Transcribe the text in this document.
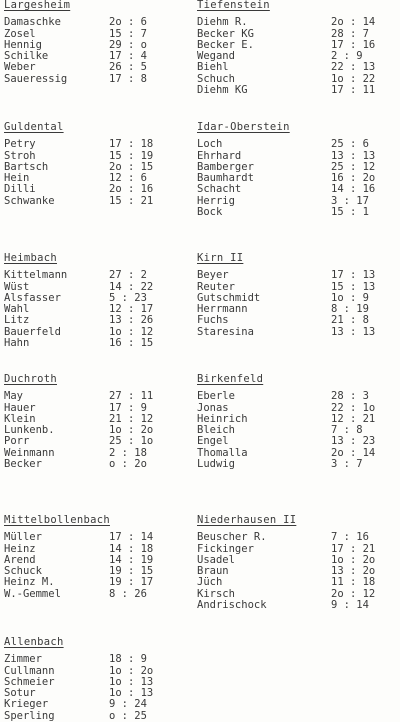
Largesheim
Damaschke	2o : 6
Zosel	15 : 7
Hennig	29 : o
Schilke	17 : 4
Weber	26 : 5
Saueressig	17 : 8
Guldental
Petry	17 : 18
Stroh	15 : 19
Bartsch	2o : 15
Hein	12 : 6
Dilli	2o : 16
Schwanke	15 : 21
Heimbach
Kittelmann	27 : 2
Wüst	14 : 22
Alsfasser	5 : 23
Wahl	12 : 17
Litz	13 : 26
Bauerfeld	1o : 12
Hahn	16 : 15
Duchroth
May	27 : 11
Hauer	17 : 9
Klein	21 : 12
Lunkenb.	1o : 2o
Porr	25 : 1o
Weinmann	2 : 18
Becker	o : 2o
Mittelbollenbach
Müller	17 : 14
Heinz	14 : 18
Arend	14 : 19
Schuck	19 : 15
Heinz M.	19 : 17
W.-Gemmel	8 : 26
Allenbach
Zimmer	18 : 9
Cullmann	1o : 2o
Schmeier	1o : 13
Sotur	1o : 13
Krieger	9 : 24
Sperling	o : 25
Tiefenstein
Diehm R.	2o : 14
Becker KG	28 : 7
Becker E.	17 : 16
Wegand	2 : 9
Biehl	22 : 13
Schuch	1o : 22
Diehm KG	17 : 11
Idar-Oberstein
Loch	25 : 6
Ehrhard	13 : 13
Bamberger	25 : 12
Baumhardt	16 : 2o
Schacht	14 : 16
Herrig	3 : 17
Bock	15 : 1
Kirn II
Beyer	17 : 13
Reuter	15 : 13
Gutschmidt	1o : 9
Herrmann	8 : 19
Fuchs	21 : 8
Staresina	13 : 13
Birkenfeld
Eberle	28 : 3
Jonas	22 : 1o
Heinrich	12 : 21
Bleich	7 : 8
Engel	13 : 23
Thomalla	2o : 14
Ludwig	3 : 7
Niederhausen II
Beuscher R.	7 : 16
Fickinger	17 : 21
Usadel	1o : 2o
Braun	13 : 2o
Jüch	11 : 18
Kirsch	2o : 12
Andrischock	9 : 14
